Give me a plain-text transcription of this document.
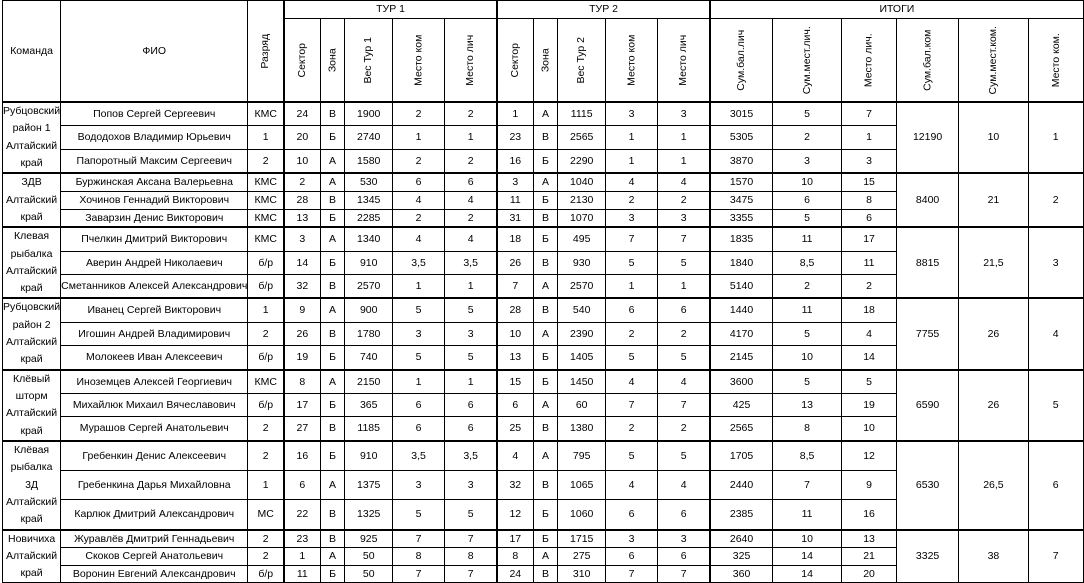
Команда	ФИО	Разряд	ТУР 1					ТУР 2					ИТОГИ					
			Сектор	Зона	Вес Тур 1	Место ком	Место лич	Сектор	Зона	Вес Тур 2	Место ком	Место лич	Сум.бал.лич	Сум.мест.лич.	Место лич.	Сум.бал.ком	Сум.мест.ком.	Место ком.

Рубцовский район 1
Алтайский край	Попов Сергей Сергеевич	КМС	24	В	1900	2	2	1	А	1115	3	3	3015	5	7	12190	10	1
	Вододохов Владимир Юрьевич	1	20	Б	2740	1	1	23	В	2565	1	1	5305	2	1			
	Папоротный Максим Сергеевич	2	10	А	1580	2	2	16	Б	2290	1	1	3870	3	3			

ЗДВ
Алтайский край	Буржинская Аксана Валерьевна	КМС	2	А	530	6	6	3	А	1040	4	4	1570	10	15	8400	21	2
	Хочинов Геннадий Викторович	КМС	28	В	1345	4	4	11	Б	2130	2	2	3475	6	8			
	Заварзин Денис Викторович	КМС	13	Б	2285	2	2	31	В	1070	3	3	3355	5	6			

Клевая рыбалка
Алтайский край	Пчелкин Дмитрий Викторович	КМС	3	А	1340	4	4	18	Б	495	7	7	1835	11	17	8815	21,5	3
	Аверин Андрей Николаевич	б/р	14	Б	910	3,5	3,5	26	В	930	5	5	1840	8,5	11			
	Сметанников Алексей Александрович	б/р	32	В	2570	1	1	7	А	2570	1	1	5140	2	2			

Рубцовский район 2
Алтайский край	Иванец Сергей Викторович	1	9	А	900	5	5	28	В	540	6	6	1440	11	18	7755	26	4
	Игошин Андрей Владимирович	2	26	В	1780	3	3	10	А	2390	2	2	4170	5	4			
	Молокеев Иван Алексеевич	б/р	19	Б	740	5	5	13	Б	1405	5	5	2145	10	14			

Клёвый шторм
Алтайский край	Иноземцев Алексей Георгиевич	КМС	8	А	2150	1	1	15	Б	1450	4	4	3600	5	5	6590	26	5
	Михайлюк Михаил Вячеславович	б/р	17	Б	365	6	6	6	А	60	7	7	425	13	19			
	Мурашов Сергей Анатольевич	2	27	В	1185	6	6	25	В	1380	2	2	2565	8	10			

Клёвая рыбалка 3Д
Алтайский край	Гребенкин Денис Алексеевич	2	16	Б	910	3,5	3,5	4	А	795	5	5	1705	8,5	12	6530	26,5	6
	Гребенкина Дарья Михайловна	1	6	А	1375	3	3	32	В	1065	4	4	2440	7	9			
	Карлюк Дмитрий Александрович	МС	22	В	1325	5	5	12	Б	1060	6	6	2385	11	16			

Новичиха
Алтайский край	Журавлёв Дмитрий Геннадьевич	2	23	В	925	7	7	17	Б	1715	3	3	2640	10	13	3325	38	7
	Скоков Сергей Анатольевич	2	1	А	50	8	8	8	А	275	6	6	325	14	21			
	Воронин Евгений Александрович	б/р	11	Б	50	7	7	24	В	310	7	7	360	14	20			
